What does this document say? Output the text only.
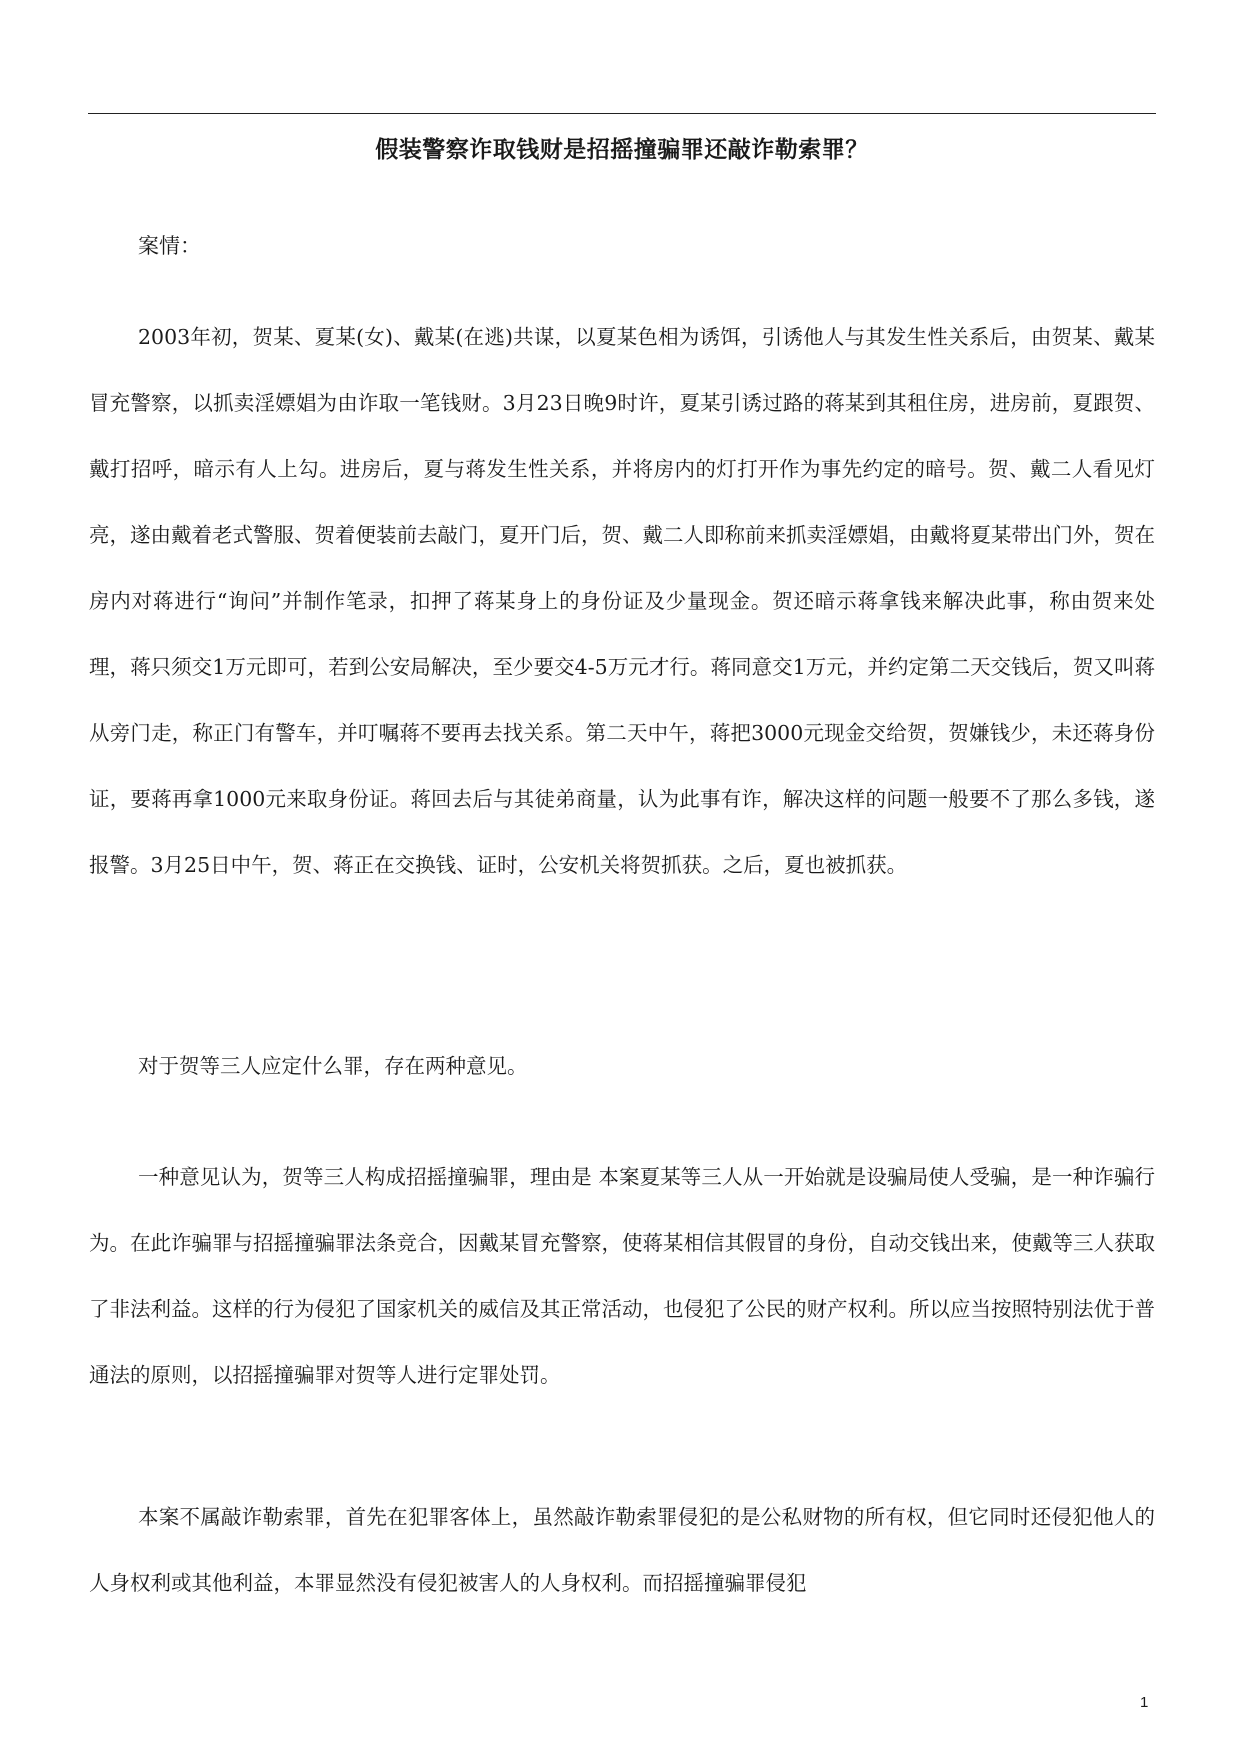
假装警察诈取钱财是招摇撞骗罪还敲诈勒索罪？
案情：

2003年初，贺某、夏某(女)、戴某(在逃)共谋，以夏某色相为诱饵，引诱他人与其发生性关系后，由贺某、戴某冒充警察，以抓卖淫嫖娼为由诈取一笔钱财。3月23日晚9时许，夏某引诱过路的蒋某到其租住房，进房前，夏跟贺、戴打招呼，暗示有人上勾。进房后，夏与蒋发生性关系，并将房内的灯打开作为事先约定的暗号。贺、戴二人看见灯亮，遂由戴着老式警服、贺着便装前去敲门，夏开门后，贺、戴二人即称前来抓卖淫嫖娼，由戴将夏某带出门外，贺在房内对蒋进行“询问”并制作笔录，扣押了蒋某身上的身份证及少量现金。贺还暗示蒋拿钱来解决此事，称由贺来处理，蒋只须交1万元即可，若到公安局解决，至少要交4-5万元才行。蒋同意交1万元，并约定第二天交钱后，贺又叫蒋从旁门走，称正门有警车，并叮嘱蒋不要再去找关系。第二天中午，蒋把3000元现金交给贺，贺嫌钱少，未还蒋身份证，要蒋再拿1000元来取身份证。蒋回去后与其徒弟商量，认为此事有诈，解决这样的问题一般要不了那么多钱，遂报警。3月25日中午，贺、蒋正在交换钱、证时，公安机关将贺抓获。之后，夏也被抓获。

对于贺等三人应定什么罪，存在两种意见。

一种意见认为，贺等三人构成招摇撞骗罪，理由是 本案夏某等三人从一开始就是设骗局使人受骗，是一种诈骗行为。在此诈骗罪与招摇撞骗罪法条竞合，因戴某冒充警察，使蒋某相信其假冒的身份，自动交钱出来，使戴等三人获取了非法利益。这样的行为侵犯了国家机关的威信及其正常活动，也侵犯了公民的财产权利。所以应当按照特别法优于普通法的原则，以招摇撞骗罪对贺等人进行定罪处罚。

本案不属敲诈勒索罪，首先在犯罪客体上，虽然敲诈勒索罪侵犯的是公私财物的所有权，但它同时还侵犯他人的人身权利或其他利益，本罪显然没有侵犯被害人的人身权利。而招摇撞骗罪侵犯

1
